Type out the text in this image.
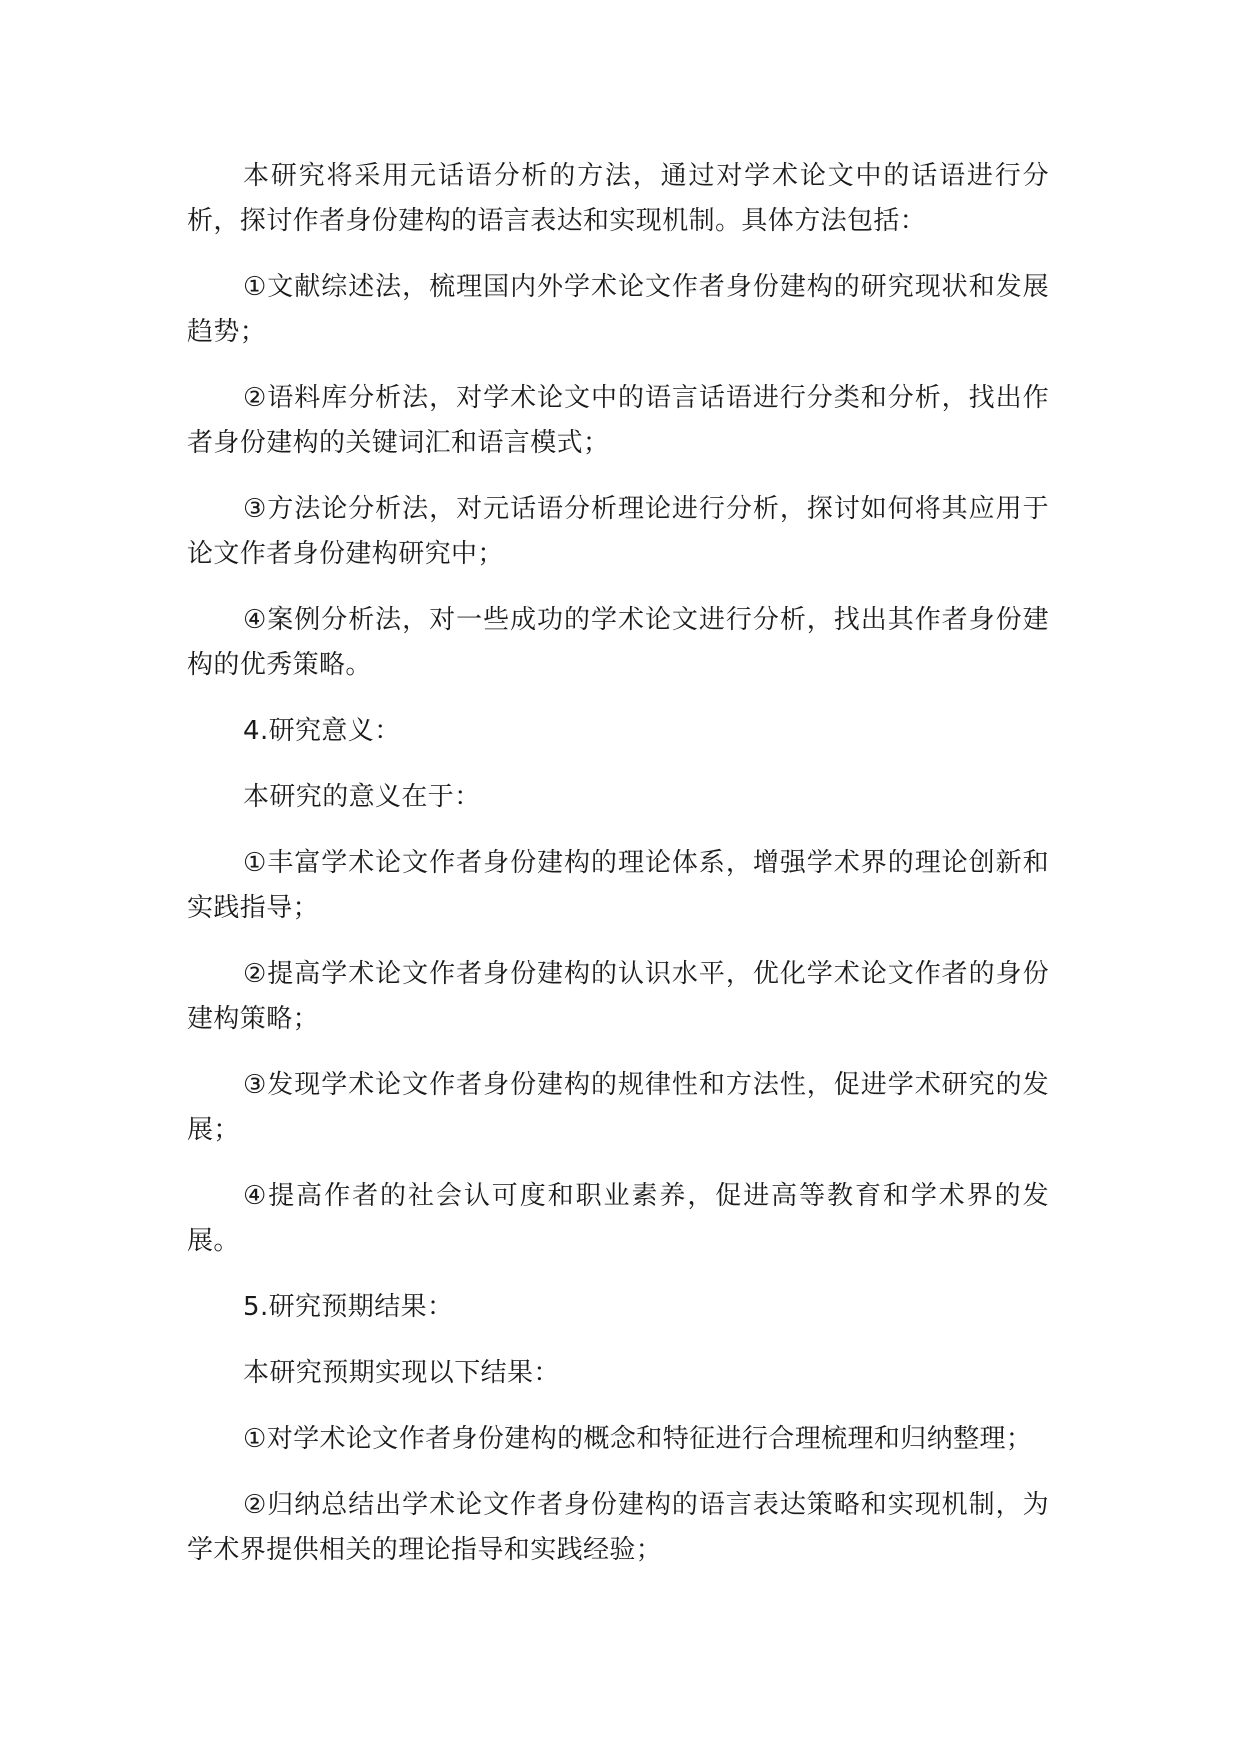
本研究将采用元话语分析的方法，通过对学术论文中的话语进行分析，探讨作者身份建构的语言表达和实现机制。具体方法包括：

①文献综述法，梳理国内外学术论文作者身份建构的研究现状和发展趋势；

②语料库分析法，对学术论文中的语言话语进行分类和分析，找出作者身份建构的关键词汇和语言模式；

③方法论分析法，对元话语分析理论进行分析，探讨如何将其应用于论文作者身份建构研究中；

④案例分析法，对一些成功的学术论文进行分析，找出其作者身份建构的优秀策略。

4.研究意义：

本研究的意义在于：

①丰富学术论文作者身份建构的理论体系，增强学术界的理论创新和实践指导；

②提高学术论文作者身份建构的认识水平，优化学术论文作者的身份建构策略；

③发现学术论文作者身份建构的规律性和方法性，促进学术研究的发展；

④提高作者的社会认可度和职业素养，促进高等教育和学术界的发展。

5.研究预期结果：

本研究预期实现以下结果：

①对学术论文作者身份建构的概念和特征进行合理梳理和归纳整理；

②归纳总结出学术论文作者身份建构的语言表达策略和实现机制，为学术界提供相关的理论指导和实践经验；
